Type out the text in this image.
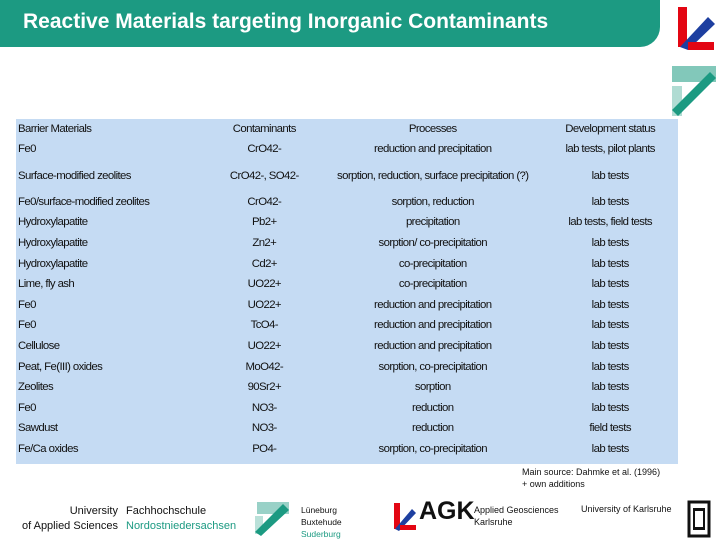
Reactive Materials targeting Inorganic Contaminants
Barrier Materials	Contaminants	Processes	Development status
Fe0	CrO42-	reduction and precipitation	lab tests, pilot plants
Surface-modified zeolites	CrO42-, SO42-	sorption, reduction, surface precipitation (?)	lab tests
Fe0/surface-modified zeolites	CrO42-	sorption, reduction	lab tests
Hydroxylapatite	Pb2+	precipitation	lab tests, field tests
Hydroxylapatite	Zn2+	sorption/ co-precipitation	lab tests
Hydroxylapatite	Cd2+	co-precipitation	lab tests
Lime, fly ash	UO22+	co-precipitation	lab tests
Fe0	UO22+	reduction and precipitation	lab tests
Fe0	TcO4-	reduction and precipitation	lab tests
Cellulose	UO22+	reduction and precipitation	lab tests
Peat, Fe(III) oxides	MoO42-	sorption, co-precipitation	lab tests
Zeolites	90Sr2+	sorption	lab tests
Fe0	NO3-	reduction	lab tests
Sawdust	NO3-	reduction	field tests
Fe/Ca oxides	PO4-	sorption, co-precipitation	lab tests
Main source: Dahmke et al. (1996)
+ own additions
University Fachhochschule
of Applied Sciences Nordostniedersachsen
Lüneburg
Buxtehude
Suderburg
AGK Applied Geosciences
Karlsruhe
University of Karlsruhe
